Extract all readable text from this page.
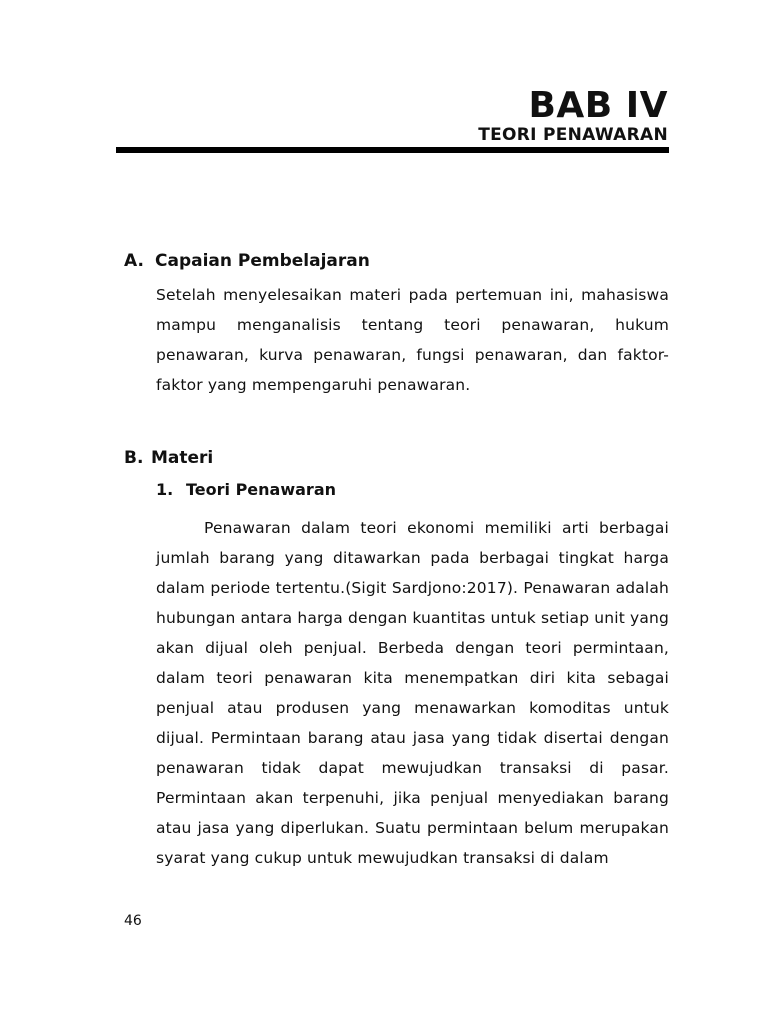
BAB IV
TEORI PENAWARAN
A. Capaian Pembelajaran

Setelah menyelesaikan materi pada pertemuan ini, mahasiswa mampu menganalisis tentang teori penawaran, hukum penawaran, kurva penawaran, fungsi penawaran, dan faktor-faktor yang mempengaruhi penawaran.

B. Materi
1. Teori Penawaran

Penawaran dalam teori ekonomi memiliki arti berbagai jumlah barang yang ditawarkan pada berbagai tingkat harga dalam periode tertentu.(Sigit Sardjono:2017). Penawaran adalah hubungan antara harga dengan kuantitas untuk setiap unit yang akan dijual oleh penjual. Berbeda dengan teori permintaan, dalam teori penawaran kita menempatkan diri kita sebagai penjual atau produsen yang menawarkan komoditas untuk dijual. Permintaan barang atau jasa yang tidak disertai dengan penawaran tidak dapat mewujudkan transaksi di pasar. Permintaan akan terpenuhi, jika penjual menyediakan barang atau jasa yang diperlukan. Suatu permintaan belum merupakan syarat yang cukup untuk mewujudkan transaksi di dalam

46
